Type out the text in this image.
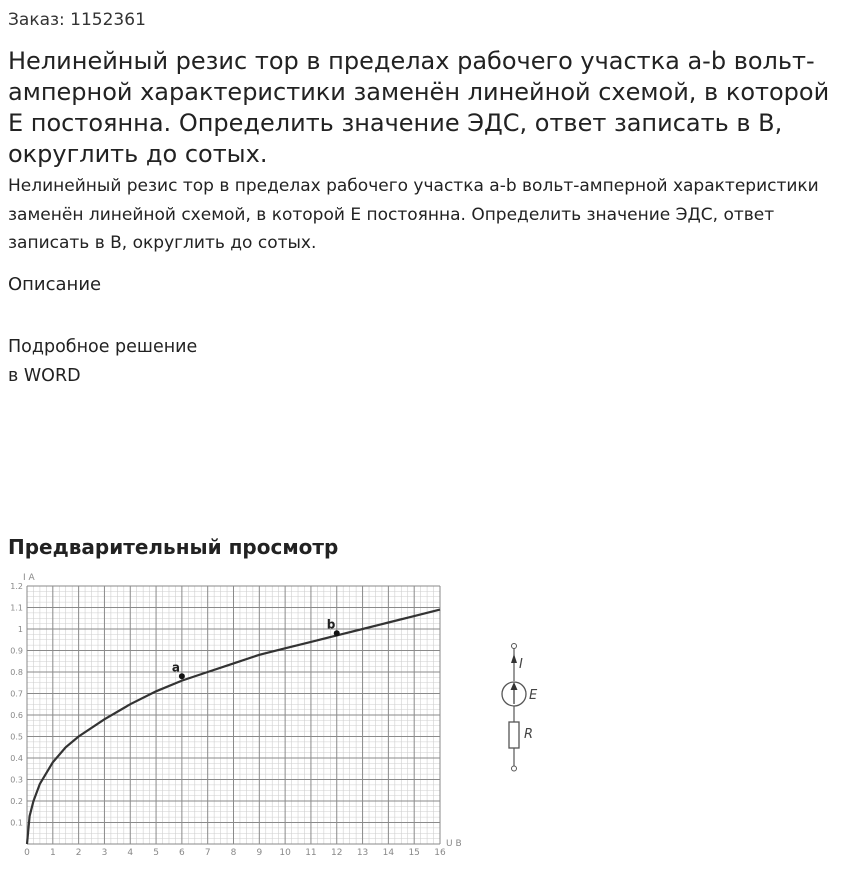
Заказ: 1152361
Нелинейный резис тор в пределах рабочего участка a-b вольт-амперной характеристики заменён линейной схемой, в которой E постоянна. Определить значение ЭДС, ответ записать в В, округлить до сотых.

Нелинейный резис тор в пределах рабочего участка a-b вольт-амперной характеристики заменён линейной схемой, в которой E постоянна. Определить значение ЭДС, ответ записать в В, округлить до сотых.

Описание
Подробное решение
в WORD
Предварительный просмотр
0 1 2 3 4 5 6 7 8 9 10 11 12 13 14 15 16
0.1
0.2
0.3
0.4
0.5
0.6
0.7
0.8
0.9
1
1.1
1.2
a
b
I А
U В
I
E
R
